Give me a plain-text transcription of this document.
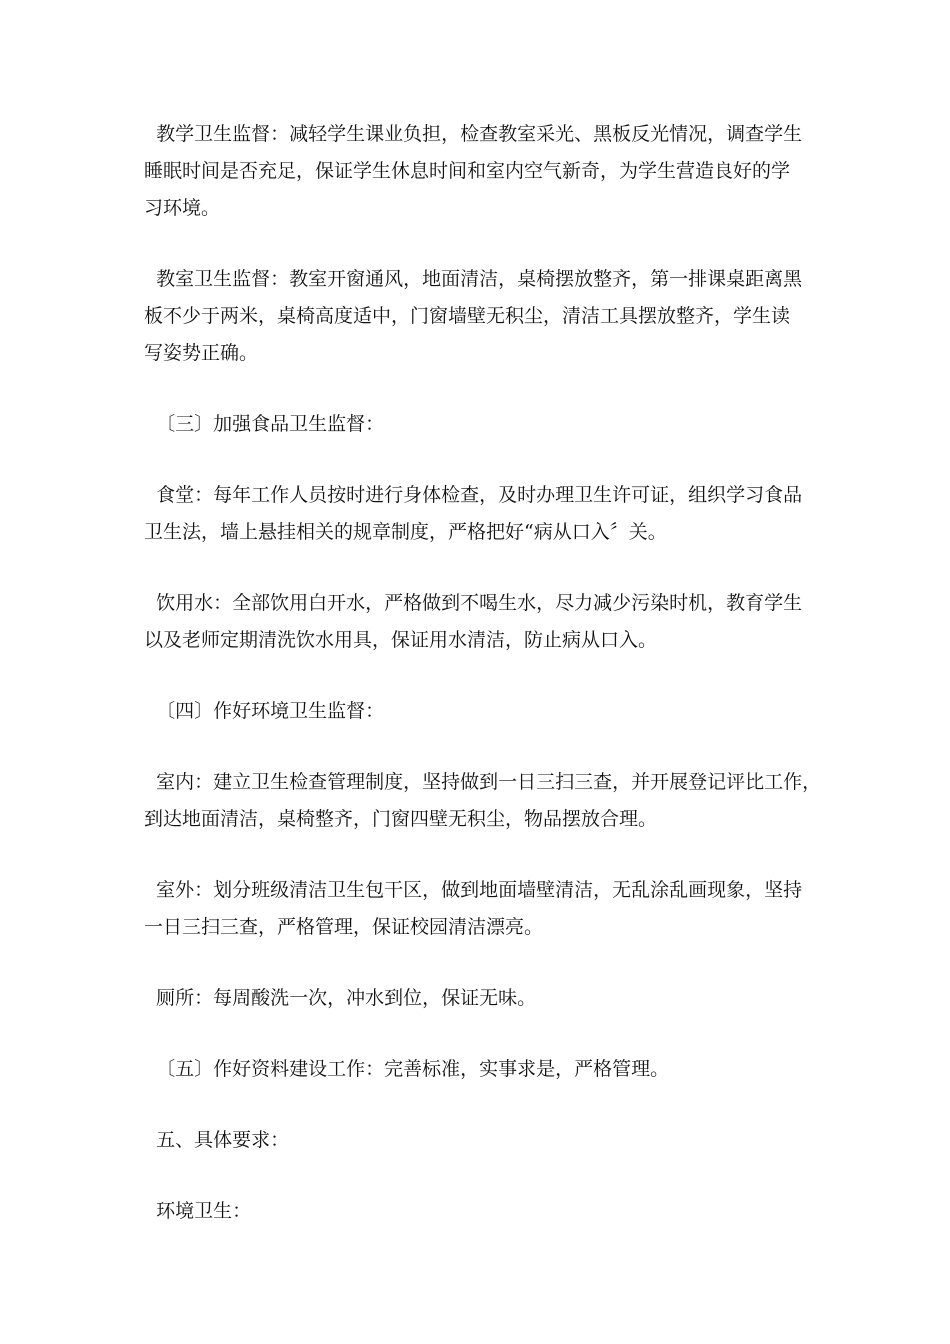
教学卫生监督：减轻学生课业负担，检查教室采光、黑板反光情况，调查学生
睡眠时间是否充足，保证学生休息时间和室内空气新奇，为学生营造良好的学
习环境。
教室卫生监督：教室开窗通风，地面清洁，桌椅摆放整齐，第一排课桌距离黑
板不少于两米，桌椅高度适中，门窗墙壁无积尘，清洁工具摆放整齐，学生读
写姿势正确。
〔三〕加强食品卫生监督：
食堂：每年工作人员按时进行身体检查，及时办理卫生许可证，组织学习食品
卫生法，墙上悬挂相关的规章制度，严格把好“病从口入〞关。
饮用水：全部饮用白开水，严格做到不喝生水，尽力减少污染时机，教育学生
以及老师定期清洗饮水用具，保证用水清洁，防止病从口入。
〔四〕作好环境卫生监督：
室内：建立卫生检查管理制度，坚持做到一日三扫三查，并开展登记评比工作，
到达地面清洁，桌椅整齐，门窗四壁无积尘，物品摆放合理。
室外：划分班级清洁卫生包干区，做到地面墙壁清洁，无乱涂乱画现象，坚持
一日三扫三查，严格管理，保证校园清洁漂亮。
厕所：每周酸洗一次，冲水到位，保证无味。
〔五〕作好资料建设工作：完善标准，实事求是，严格管理。
五、具体要求：
环境卫生：
